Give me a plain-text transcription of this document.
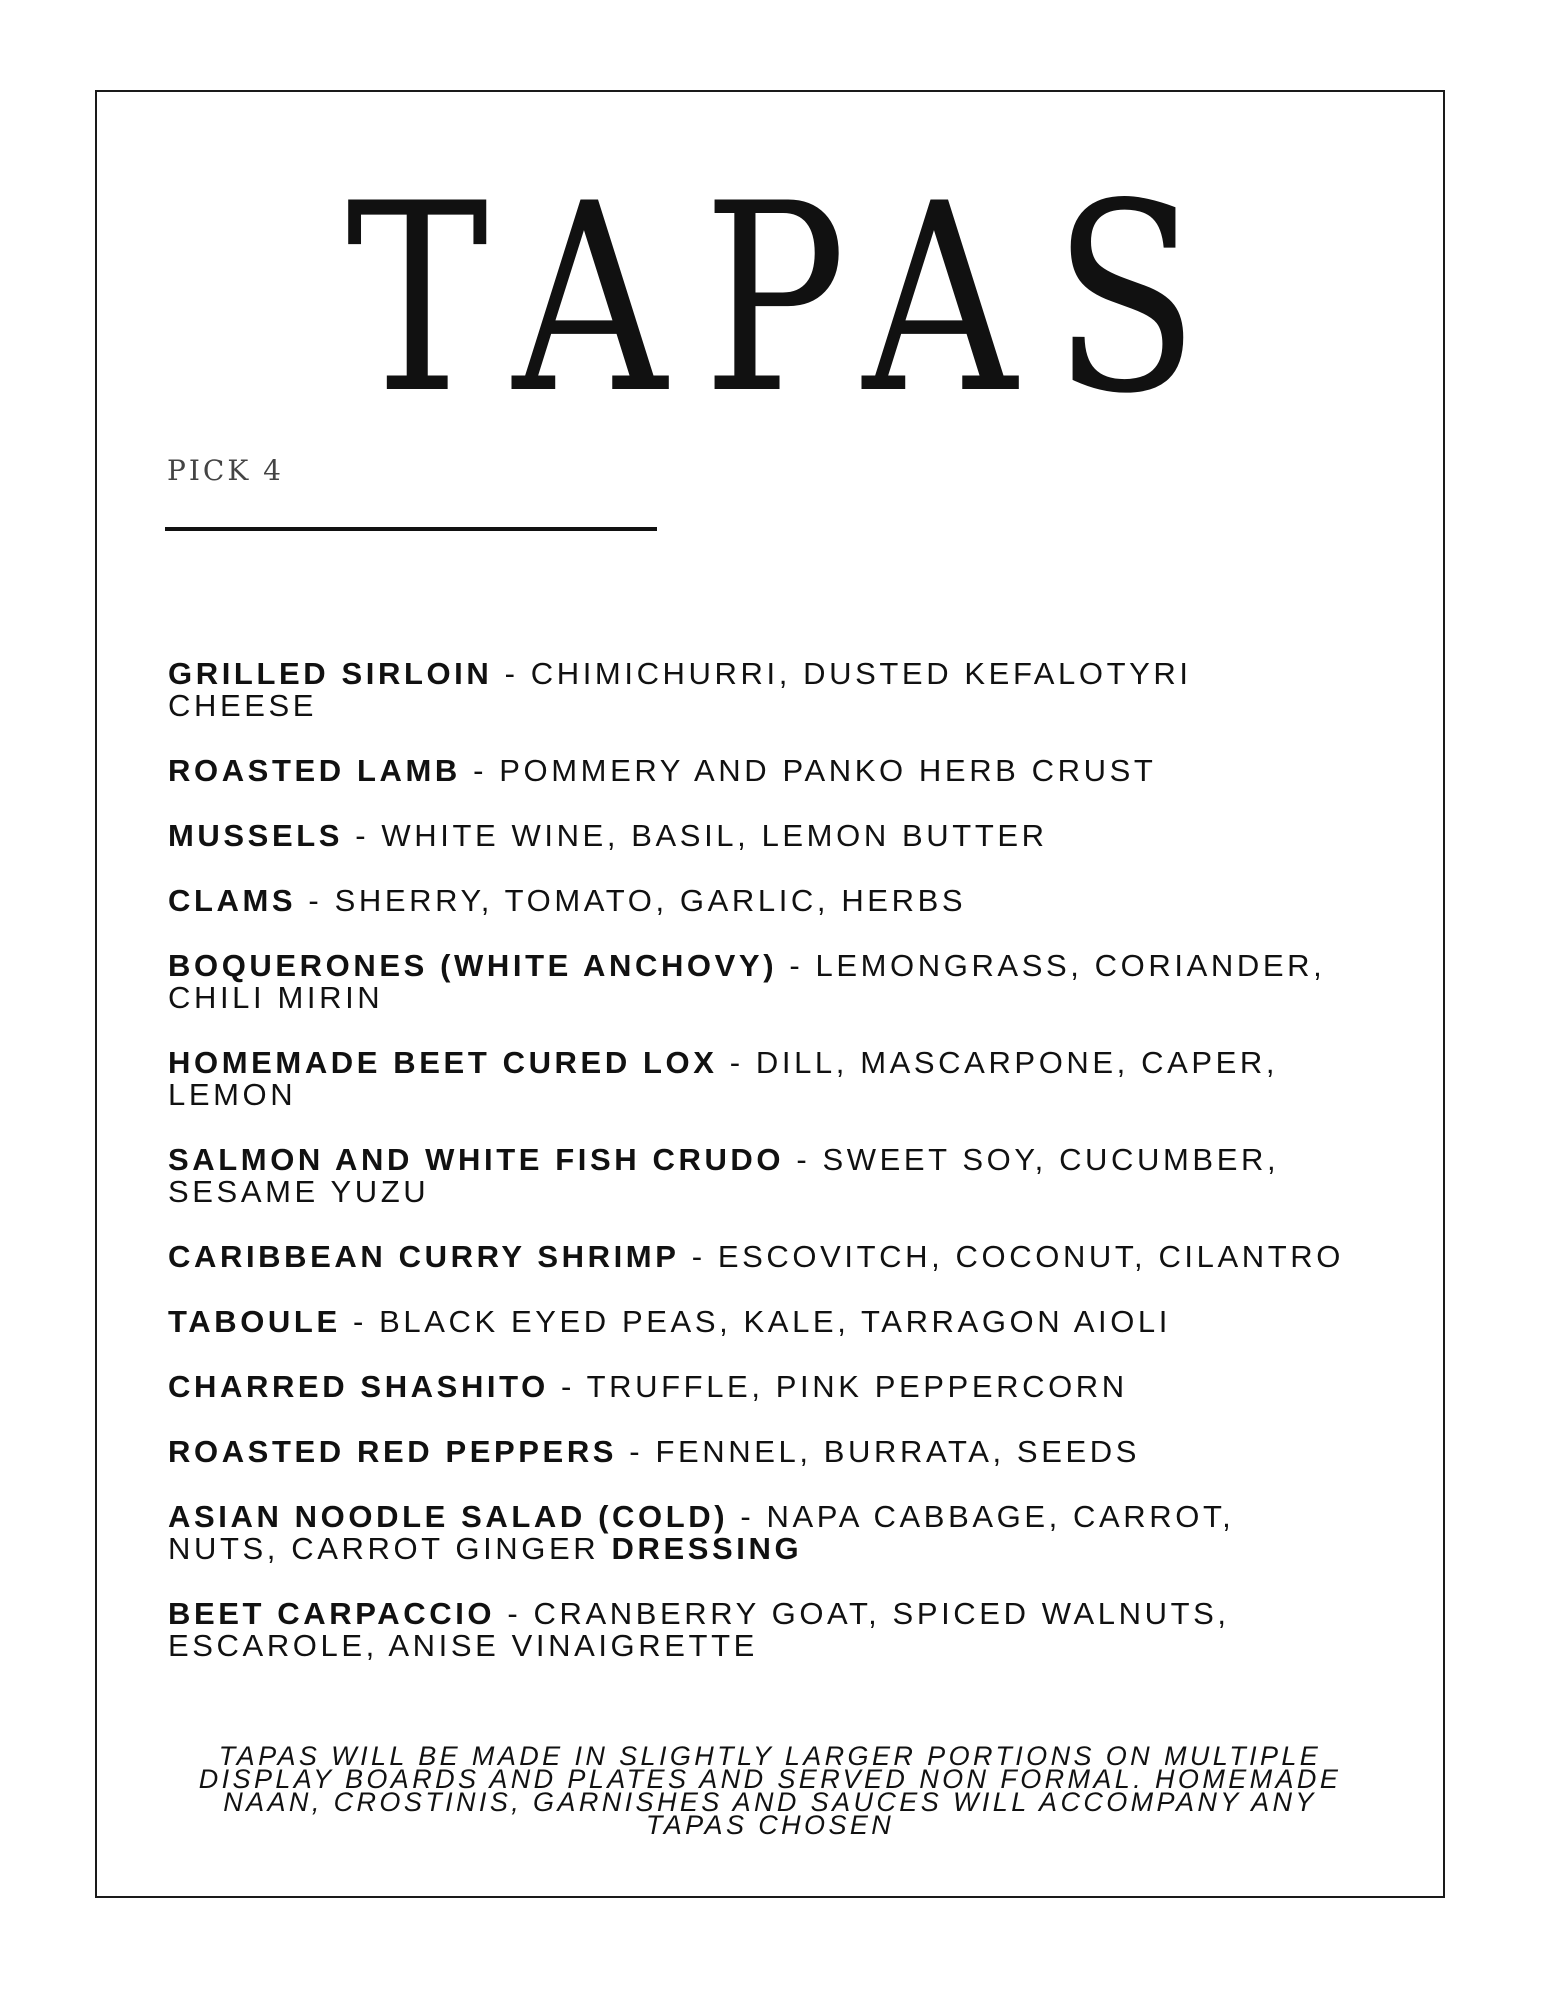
TAPAS

PICK 4

GRILLED SIRLOIN - CHIMICHURRI, DUSTED KEFALOTYRI CHEESE
ROASTED LAMB - POMMERY AND PANKO HERB CRUST
MUSSELS - WHITE WINE, BASIL, LEMON BUTTER
CLAMS - SHERRY, TOMATO, GARLIC, HERBS
BOQUERONES (WHITE ANCHOVY) - LEMONGRASS, CORIANDER, CHILI MIRIN
HOMEMADE BEET CURED LOX - DILL, MASCARPONE, CAPER, LEMON
SALMON AND WHITE FISH CRUDO - SWEET SOY, CUCUMBER, SESAME YUZU
CARIBBEAN CURRY SHRIMP - ESCOVITCH, COCONUT, CILANTRO
TABOULE - BLACK EYED PEAS, KALE, TARRAGON AIOLI
CHARRED SHASHITO - TRUFFLE, PINK PEPPERCORN
ROASTED RED PEPPERS - FENNEL, BURRATA, SEEDS
ASIAN NOODLE SALAD (COLD) - NAPA CABBAGE, CARROT, NUTS, CARROT GINGER DRESSING
BEET CARPACCIO - CRANBERRY GOAT, SPICED WALNUTS, ESCAROLE, ANISE VINAIGRETTE

TAPAS WILL BE MADE IN SLIGHTLY LARGER PORTIONS ON MULTIPLE DISPLAY BOARDS AND PLATES AND SERVED NON FORMAL. HOMEMADE NAAN, CROSTINIS, GARNISHES AND SAUCES WILL ACCOMPANY ANY TAPAS CHOSEN
